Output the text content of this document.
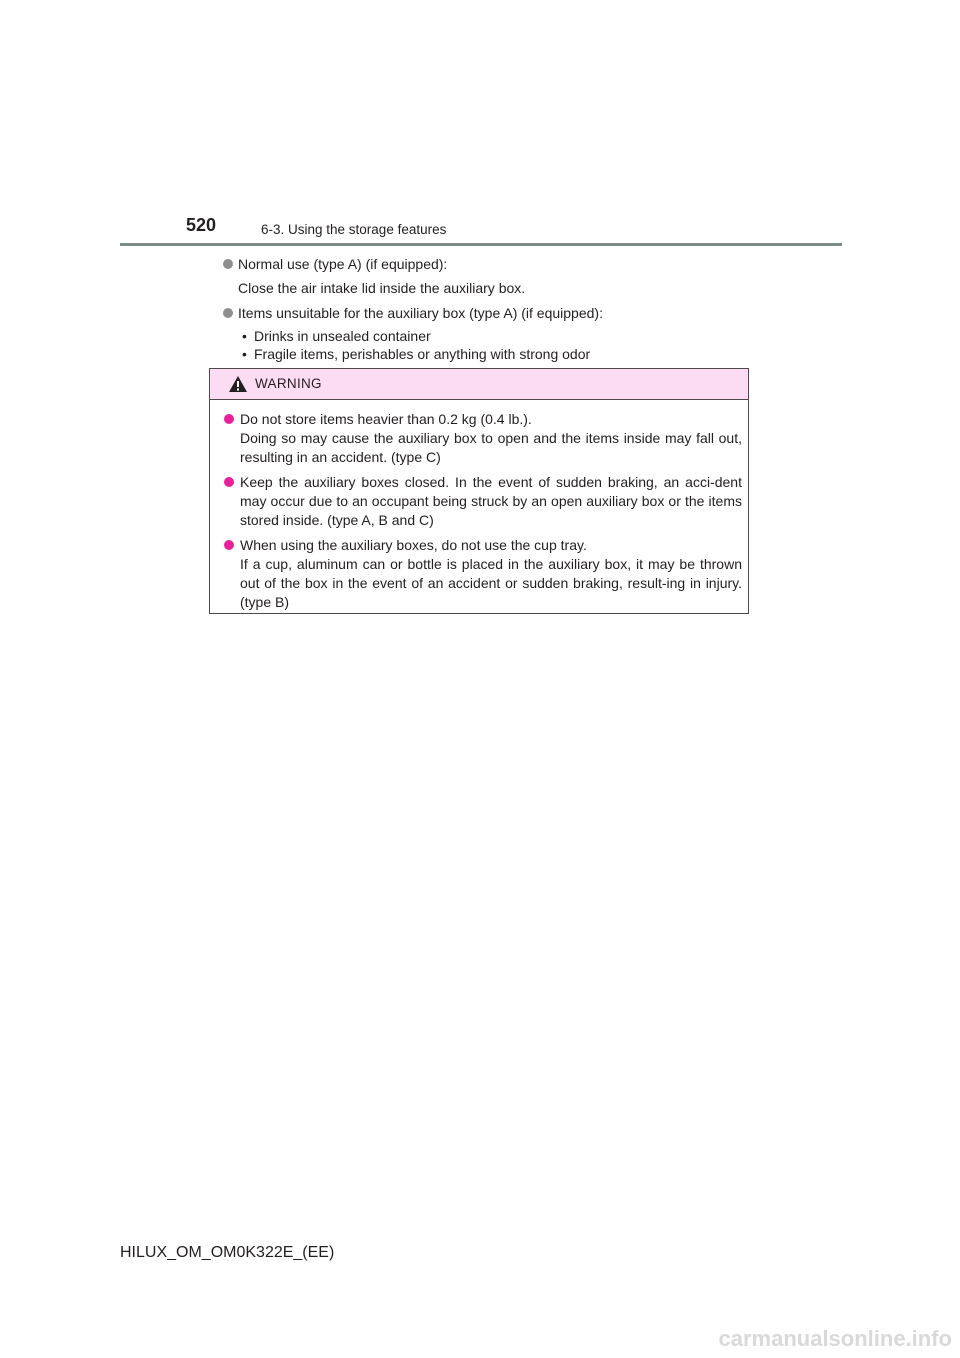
520	6-3. Using the storage features
Normal use (type A) (if equipped):
Close the air intake lid inside the auxiliary box.
Items unsuitable for the auxiliary box (type A) (if equipped):
• Drinks in unsealed container
• Fragile items, perishables or anything with strong odor
WARNING
Do not store items heavier than 0.2 kg (0.4 lb.).
Doing so may cause the auxiliary box to open and the items inside may fall out, resulting in an accident. (type C)
Keep the auxiliary boxes closed. In the event of sudden braking, an acci-dent may occur due to an occupant being struck by an open auxiliary box or the items stored inside. (type A, B and C)
When using the auxiliary boxes, do not use the cup tray.
If a cup, aluminum can or bottle is placed in the auxiliary box, it may be thrown out of the box in the event of an accident or sudden braking, result-ing in injury. (type B)
HILUX_OM_OM0K322E_(EE)
carmanualsonline.info
